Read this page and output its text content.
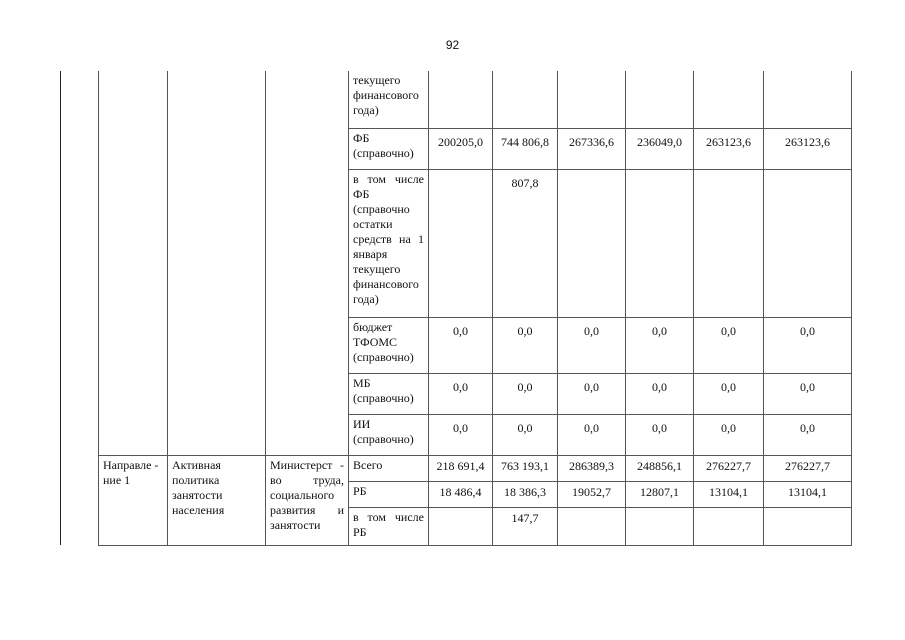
92
				текущего финансового года)						
				ФБ (справочно)	200205,0	744 806,8	267336,6	236049,0	263123,6	263123,6
				в том числе ФБ (справочно остатки средств на 1 января текущего финансового года)		807,8				
				бюджет ТФОМС (справочно)	0,0	0,0	0,0	0,0	0,0	0,0
				МБ (справочно)	0,0	0,0	0,0	0,0	0,0	0,0
				ИИ (справочно)	0,0	0,0	0,0	0,0	0,0	0,0
	Направле - ние 1	Активная политика занятости населения	Министерст - во труда, социального развития и занятости	Всего	218 691,4	763 193,1	286389,3	248856,1	276227,7	276227,7
				РБ	18 486,4	18 386,3	19052,7	12807,1	13104,1	13104,1
				в том числе РБ		147,7				
